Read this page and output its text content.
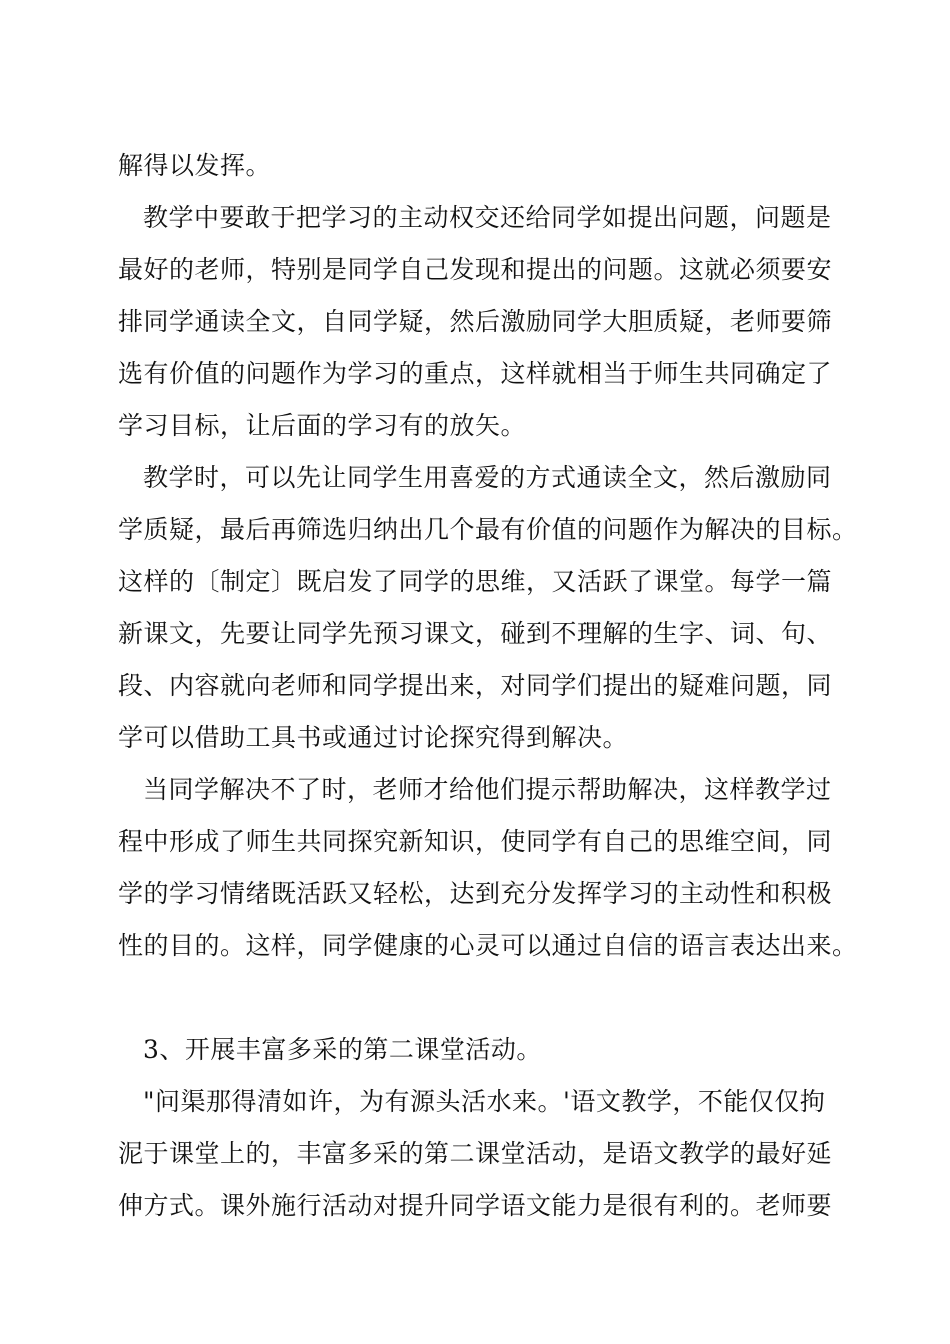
解得以发挥。
教学中要敢于把学习的主动权交还给同学如提出问题，问题是
最好的老师，特别是同学自己发现和提出的问题。这就必须要安
排同学通读全文，自同学疑，然后激励同学大胆质疑，老师要筛
选有价值的问题作为学习的重点，这样就相当于师生共同确定了
学习目标，让后面的学习有的放矢。
教学时，可以先让同学生用喜爱的方式通读全文，然后激励同
学质疑，最后再筛选归纳出几个最有价值的问题作为解决的目标。
这样的〔制定〕既启发了同学的思维，又活跃了课堂。每学一篇
新课文，先要让同学先预习课文，碰到不理解的生字、词、句、
段、内容就向老师和同学提出来，对同学们提出的疑难问题，同
学可以借助工具书或通过讨论探究得到解决。
当同学解决不了时，老师才给他们提示帮助解决，这样教学过
程中形成了师生共同探究新知识，使同学有自己的思维空间，同
学的学习情绪既活跃又轻松，达到充分发挥学习的主动性和积极
性的目的。这样，同学健康的心灵可以通过自信的语言表达出来。
3、开展丰富多采的第二课堂活动。
"问渠那得清如许，为有源头活水来。'语文教学，不能仅仅拘
泥于课堂上的，丰富多采的第二课堂活动，是语文教学的最好延
伸方式。课外施行活动对提升同学语文能力是很有利的。老师要
